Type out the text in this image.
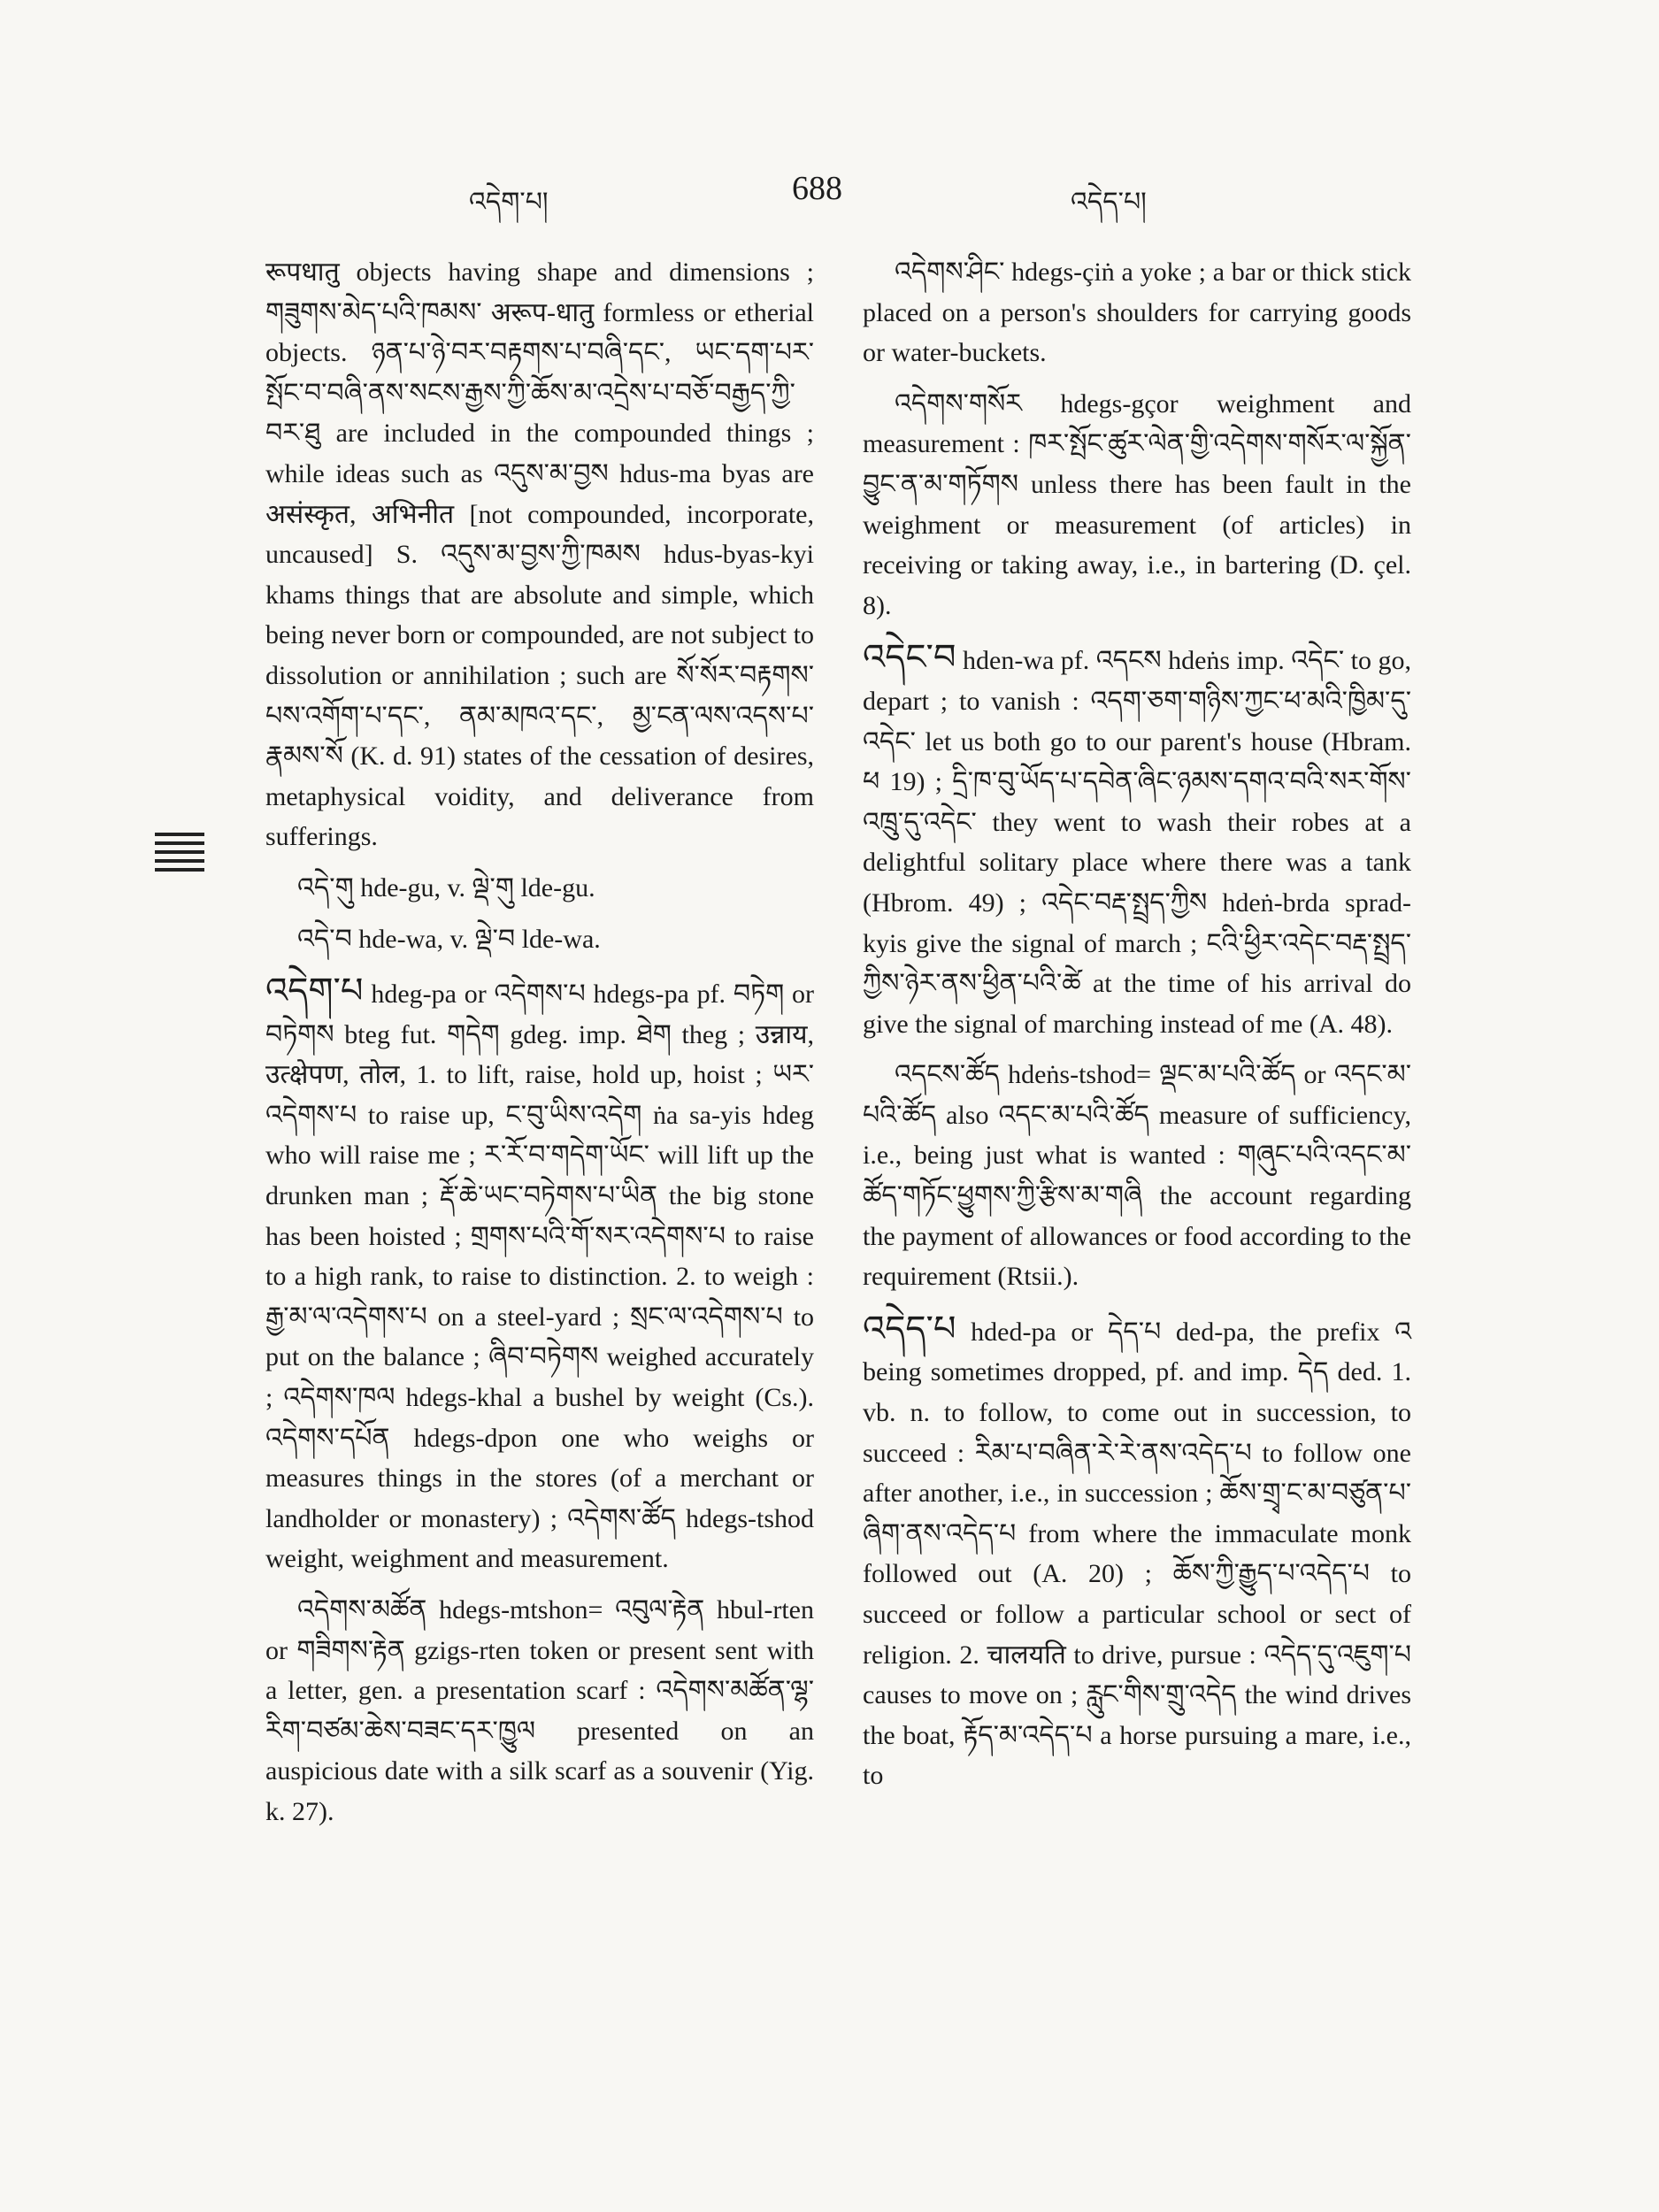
འདེག་པ།	688	འདེད་པ།

रूपधातु objects having shape and dimensions ; གཟུགས་མེད་པའི་ཁམས་ अरूप-धातु formless or etherial objects. ཉན་པ་ཉེ་བར་བརྟགས་པ་བཞི་དང་, ཡང་དག་པར་སྤོང་བ་བཞི་ནས་སངས་རྒྱས་ཀྱི་ཆོས་མ་འདྲེས་པ་བཅོ་བརྒྱད་ཀྱི་བར་ཐུ are included in the compounded things ; while ideas such as འདུས་མ་བྱས hdus-ma byas are असंस्कृत, अभिनीत [not compounded, incorporate, uncaused] S. འདུས་མ་བྱས་ཀྱི་ཁམས hdus-byas-kyi khams things that are absolute and simple, which being never born or compounded, are not subject to dissolution or annihilation ; such are སོ་སོར་བརྟགས་པས་འགོག་པ་དང་, ནམ་མཁའ་དང་, མྱ་ངན་ལས་འདས་པ་རྣམས་སོ (K. d. 91) states of the cessation of desires, metaphysical voidity, and deliverance from sufferings.

འདེ་གུ hde-gu, v. ལྡེ་གུ lde-gu.

འདེ་བ hde-wa, v. ལྡེ་བ lde-wa.

འདེག་པ hdeg-pa or འདེགས་པ hdegs-pa pf. བཏེག or བཏེགས bteg fut. གདེག gdeg. imp. ཐེག theg ; उन्नाय, उत्क्षेपण, तोल, 1. to lift, raise, hold up, hoist ; ཡར་འདེགས་པ to raise up, ང་བུ་ཡིས་འདེག ṅa sa-yis hdeg who will raise me ; ར་རོ་བ་གདེག་ཡོང་ will lift up the drunken man ; རྡོ་ཆེ་ཡང་བཏེགས་པ་ཡིན the big stone has been hoisted ; གྲགས་པའི་གོ་སར་འདེགས་པ to raise to a high rank, to raise to distinction. 2. to weigh : རྒྱ་མ་ལ་འདེགས་པ on a steel-yard ; སྲང་ལ་འདེགས་པ to put on the balance ; ཞིབ་བཏེགས weighed accurately ; འདེགས་ཁལ hdegs-khal a bushel by weight (Cs.). འདེགས་དཔོན hdegs-dpon one who weighs or measures things in the stores (of a merchant or landholder or monastery) ; འདེགས་ཚོད hdegs-tshod weight, weighment and measurement.

འདེགས་མཚོན hdegs-mtshon= འབུལ་རྟེན hbul-rten or གཟིགས་རྟེན gzigs-rten token or present sent with a letter, gen. a presentation scarf : འདེགས་མཚོན་ལྷ་རིག་བཙམ་ཆེས་བཟང་དར་ཁྱུལ presented on an auspicious date with a silk scarf as a souvenir (Yig. k. 27).

འདེགས་ཤིང་ hdegs-çiṅ a yoke ; a bar or thick stick placed on a person's shoulders for carrying goods or water-buckets.

འདེགས་གསོར hdegs-gçor weighment and measurement : ཁར་སྤོང་ཚུར་ལེན་གྱི་འདེགས་གསོར་ལ་སྐྱོན་བྱུང་ན་མ་གཏོགས unless there has been fault in the weighment or measurement (of articles) in receiving or taking away, i.e., in bartering (D. çel. 8).

འདེང་བ hden-wa pf. འདངས hdeṅs imp. འདེང་ to go, depart ; to vanish : འདག་ཅག་གཉིས་ཀྱང་ཕ་མའི་ཁྱིམ་དུ་འདེང་ let us both go to our parent's house (Hbram. ཕ 19) ; དྲི་ཁ་བུ་ཡོད་པ་དབེན་ཞིང་ཉམས་དགའ་བའི་སར་གོས་འཁྲུ་དུ་འདེང་ they went to wash their robes at a delightful solitary place where there was a tank (Hbrom. 49) ; འདེང་བརྡ་སྤྲད་ཀྱིས hdeṅ-brda sprad-kyis give the signal of march ; ངའི་ཕྱིར་འདེང་བརྡ་སྤྲད་ཀྱིས་ཉེར་ནས་ཕྱིན་པའི་ཚེ at the time of his arrival do give the signal of marching instead of me (A. 48).

འདངས་ཚོད hdeṅs-tshod= ལྡང་མ་པའི་ཚོད or འདང་མ་པའི་ཚོད also འདང་མ་པའི་ཚོད measure of sufficiency, i.e., being just what is wanted : གཞུང་པའི་འདང་མ་ཚོད་གཏོང་ཕྱུགས་ཀྱི་རྩིས་མ་གཞི the account regarding the payment of allowances or food according to the requirement (Rtsii.).

འདེད་པ hded-pa or དེད་པ ded-pa, the prefix འ being sometimes dropped, pf. and imp. དེད ded. 1. vb. n. to follow, to come out in succession, to succeed : རིམ་པ་བཞིན་རེ་རེ་ནས་འདེད་པ to follow one after another, i.e., in succession ; ཆོས་གྲྭ་ང་མ་བཙུན་པ་ཞིག་ནས་འདེད་པ from where the immaculate monk followed out (A. 20) ; ཆོས་ཀྱི་རྒྱུད་པ་འདེད་པ to succeed or follow a particular school or sect of religion. 2. चालयति to drive, pursue : འདེད་དུ་འཇུག་པ causes to move on ; རླུང་གིས་གྲུ་འདེད the wind drives the boat, རྟོད་མ་འདེད་པ a horse pursuing a mare, i.e., to
